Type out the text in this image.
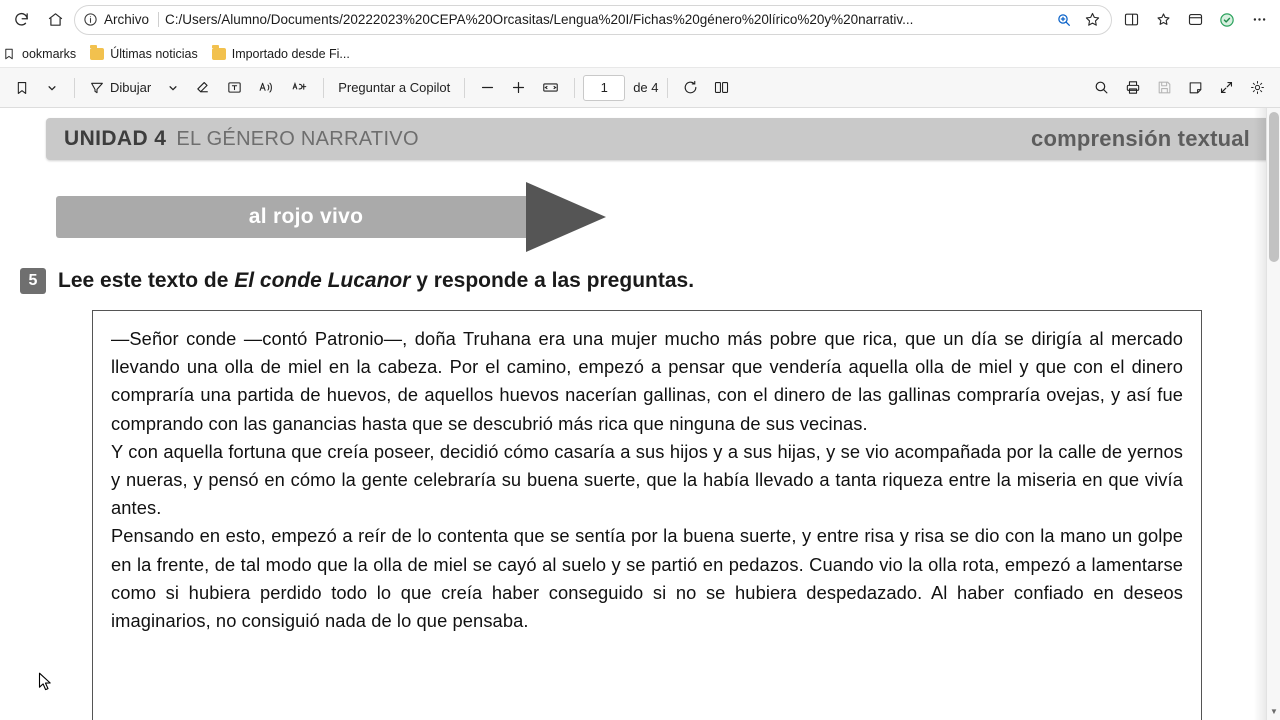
Archivo C:/Users/Alumno/Documents/20222023%20CEPA%20Orcasitas/Lengua%20I/Fichas%20género%20lírico%20y%20narrativ...
ookmarks	Últimas noticias	Importado desde Fi...
Dibujar	Preguntar a Copilot	1 de 4
UNIDAD 4 EL GÉNERO NARRATIVO	comprensión textual
al rojo vivo
5 Lee este texto de El conde Lucanor y responde a las preguntas.

—Señor conde —contó Patronio—, doña Truhana era una mujer mucho más pobre que rica, que un día se dirigía al mercado llevando una olla de miel en la cabeza. Por el camino, empezó a pensar que vendería aquella olla de miel y que con el dinero compraría una partida de huevos, de aquellos huevos nacerían gallinas, con el dinero de las gallinas compraría ovejas, y así fue comprando con las ganancias hasta que se descubrió más rica que ninguna de sus vecinas.

Y con aquella fortuna que creía poseer, decidió cómo casaría a sus hijos y a sus hijas, y se vio acompañada por la calle de yernos y nueras, y pensó en cómo la gente celebraría su buena suerte, que la había llevado a tanta riqueza entre la miseria en que vivía antes.

Pensando en esto, empezó a reír de lo contenta que se sentía por la buena suerte, y entre risa y risa se dio con la mano un golpe en la frente, de tal modo que la olla de miel se cayó al suelo y se partió en pedazos. Cuando vio la olla rota, empezó a lamentarse como si hubiera perdido todo lo que creía haber conseguido si no se hubiera despedazado. Al haber confiado en deseos imaginarios, no consiguió nada de lo que pensaba.

▼
